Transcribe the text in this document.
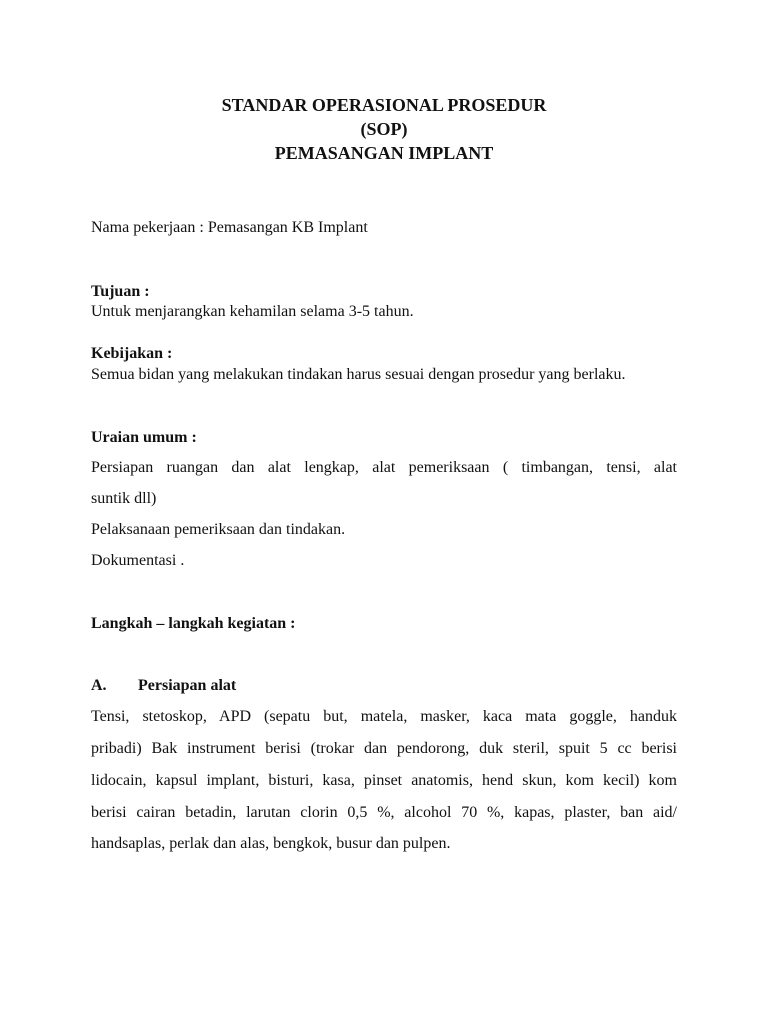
STANDAR OPERASIONAL PROSEDUR
(SOP)
PEMASANGAN IMPLANT
Nama pekerjaan : Pemasangan KB Implant
Tujuan :
Untuk menjarangkan kehamilan selama 3-5 tahun.
Kebijakan :
Semua bidan yang melakukan tindakan harus sesuai dengan prosedur yang berlaku.
Uraian umum :
Persiapan ruangan dan alat lengkap, alat pemeriksaan ( timbangan, tensi, alat
suntik dll)
Pelaksanaan pemeriksaan dan tindakan.
Dokumentasi .
Langkah – langkah kegiatan :
A. Persiapan alat
Tensi, stetoskop, APD (sepatu but, matela, masker, kaca mata goggle, handuk
pribadi) Bak instrument berisi (trokar dan pendorong, duk steril, spuit 5 cc berisi
lidocain, kapsul implant, bisturi, kasa, pinset anatomis, hend skun, kom kecil) kom
berisi cairan betadin, larutan clorin 0,5 %, alcohol 70 %, kapas, plaster, ban aid/
handsaplas, perlak dan alas, bengkok, busur dan pulpen.
